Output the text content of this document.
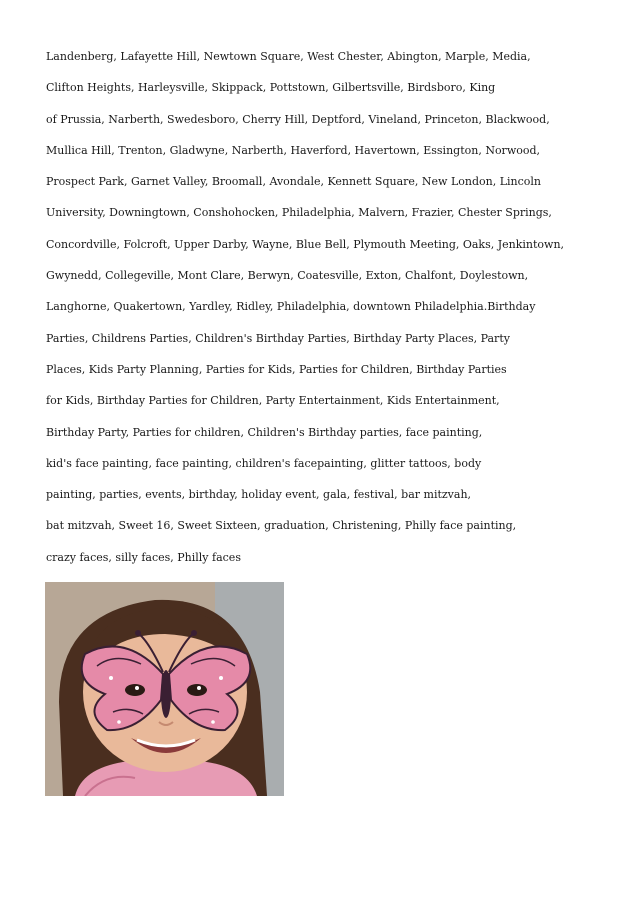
Landenberg, Lafayette Hill, Newtown Square, West Chester, Abington, Marple, Media,
Clifton Heights, Harleysville, Skippack, Pottstown, Gilbertsville, Birdsboro, King
of Prussia, Narberth, Swedesboro, Cherry Hill, Deptford, Vineland, Princeton, Blackwood,
Mullica Hill, Trenton, Gladwyne, Narberth, Haverford, Havertown, Essington, Norwood,
Prospect Park, Garnet Valley, Broomall, Avondale, Kennett Square, New London, Lincoln
University, Downingtown, Conshohocken, Philadelphia, Malvern, Frazier, Chester Springs,
Concordville, Folcroft, Upper Darby, Wayne, Blue Bell, Plymouth Meeting, Oaks, Jenkintown,
Gwynedd, Collegeville, Mont Clare, Berwyn, Coatesville, Exton, Chalfont, Doylestown,
Langhorne, Quakertown, Yardley, Ridley, Philadelphia, downtown Philadelphia.Birthday
Parties, Childrens Parties, Children's Birthday Parties, Birthday Party Places, Party
Places, Kids Party Planning, Parties for Kids, Parties for Children, Birthday Parties
for Kids, Birthday Parties for Children, Party Entertainment, Kids Entertainment,
Birthday Party, Parties for children, Children's Birthday parties, face painting,
kid's face painting, face painting, children's facepainting, glitter tattoos, body
painting, parties, events, birthday, holiday event, gala, festival, bar mitzvah,
bat mitzvah, Sweet 16, Sweet Sixteen, graduation, Christening, Philly face painting,
crazy faces, silly faces, Philly faces
